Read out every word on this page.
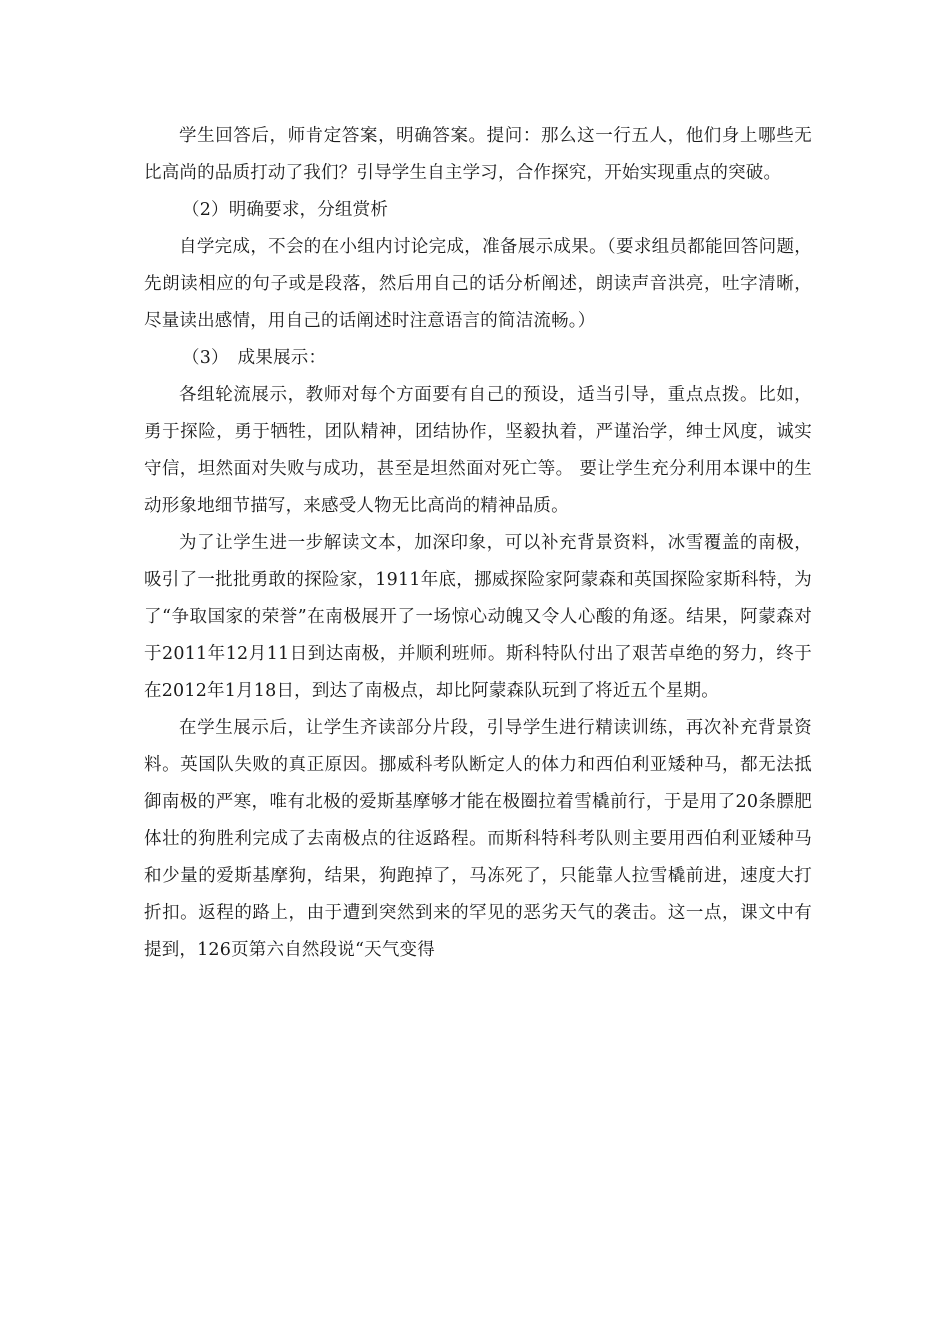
学生回答后，师肯定答案，明确答案。提问：那么这一行五人，他们身上哪些无比高尚的品质打动了我们？引导学生自主学习，合作探究，开始实现重点的突破。

（2）明确要求，分组赏析

自学完成，不会的在小组内讨论完成，准备展示成果。（要求组员都能回答问题，先朗读相应的句子或是段落，然后用自己的话分析阐述，朗读声音洪亮，吐字清晰，尽量读出感情，用自己的话阐述时注意语言的简洁流畅。）

（3）　成果展示：

各组轮流展示，教师对每个方面要有自己的预设，适当引导，重点点拨。比如，勇于探险，勇于牺牲，团队精神，团结协作，坚毅执着，严谨治学，绅士风度，诚实守信，坦然面对失败与成功，甚至是坦然面对死亡等。 要让学生充分利用本课中的生动形象地细节描写，来感受人物无比高尚的精神品质。

为了让学生进一步解读文本，加深印象，可以补充背景资料，冰雪覆盖的南极，吸引了一批批勇敢的探险家，1911年底，挪威探险家阿蒙森和英国探险家斯科特，为了“争取国家的荣誉”在南极展开了一场惊心动魄又令人心酸的角逐。结果，阿蒙森对于2011年12月11日到达南极，并顺利班师。斯科特队付出了艰苦卓绝的努力，终于在2012年1月18日，到达了南极点，却比阿蒙森队玩到了将近五个星期。

在学生展示后，让学生齐读部分片段，引导学生进行精读训练，再次补充背景资料。英国队失败的真正原因。挪威科考队断定人的体力和西伯利亚矮种马，都无法抵御南极的严寒，唯有北极的爱斯基摩够才能在极圈拉着雪橇前行，于是用了20条膘肥体壮的狗胜利完成了去南极点的往返路程。而斯科特科考队则主要用西伯利亚矮种马和少量的爱斯基摩狗，结果，狗跑掉了，马冻死了，只能靠人拉雪橇前进，速度大打折扣。返程的路上，由于遭到突然到来的罕见的恶劣天气的袭击。这一点，课文中有提到，126页第六自然段说“天气变得
